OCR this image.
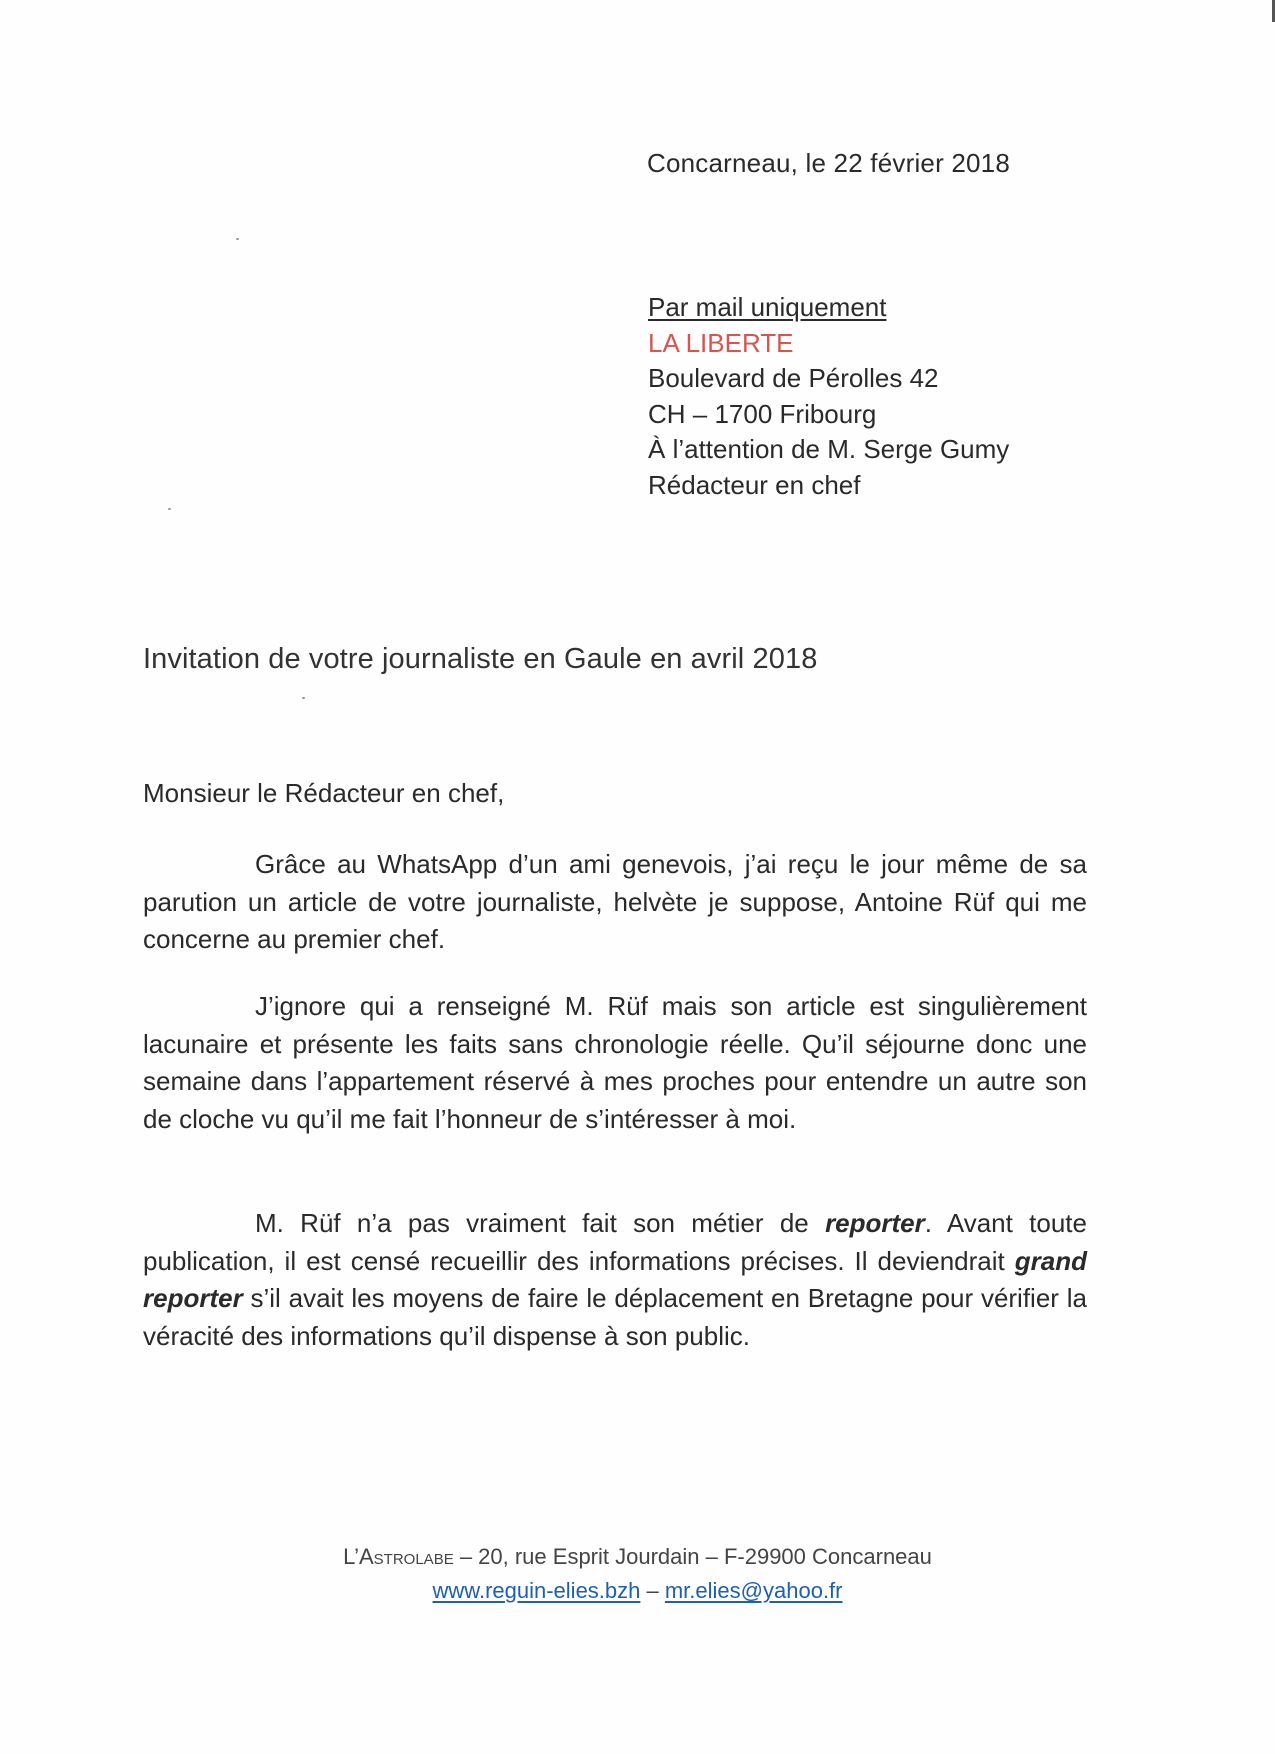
Concarneau, le 22 février 2018
Par mail uniquement
LA LIBERTE
Boulevard de Pérolles 42
CH – 1700 Fribourg
À l’attention de M. Serge Gumy
Rédacteur en chef
Invitation de votre journaliste en Gaule en avril 2018
Monsieur le Rédacteur en chef,
Grâce au WhatsApp d’un ami genevois, j’ai reçu le jour même de sa parution un article de votre journaliste, helvète je suppose, Antoine Rüf qui me concerne au premier chef.
J’ignore qui a renseigné M. Rüf mais son article est singulièrement lacunaire et présente les faits sans chronologie réelle. Qu’il séjourne donc une semaine dans l’appartement réservé à mes proches pour entendre un autre son de cloche vu qu’il me fait l’honneur de s’intéresser à moi.
M. Rüf n’a pas vraiment fait son métier de reporter. Avant toute publication, il est censé recueillir des informations précises. Il deviendrait grand reporter s’il avait les moyens de faire le déplacement en Bretagne pour vérifier la véracité des informations qu’il dispense à son public.
L’Astrolabe – 20, rue Esprit Jourdain – F-29900 Concarneau
www.reguin-elies.bzh – mr.elies@yahoo.fr
